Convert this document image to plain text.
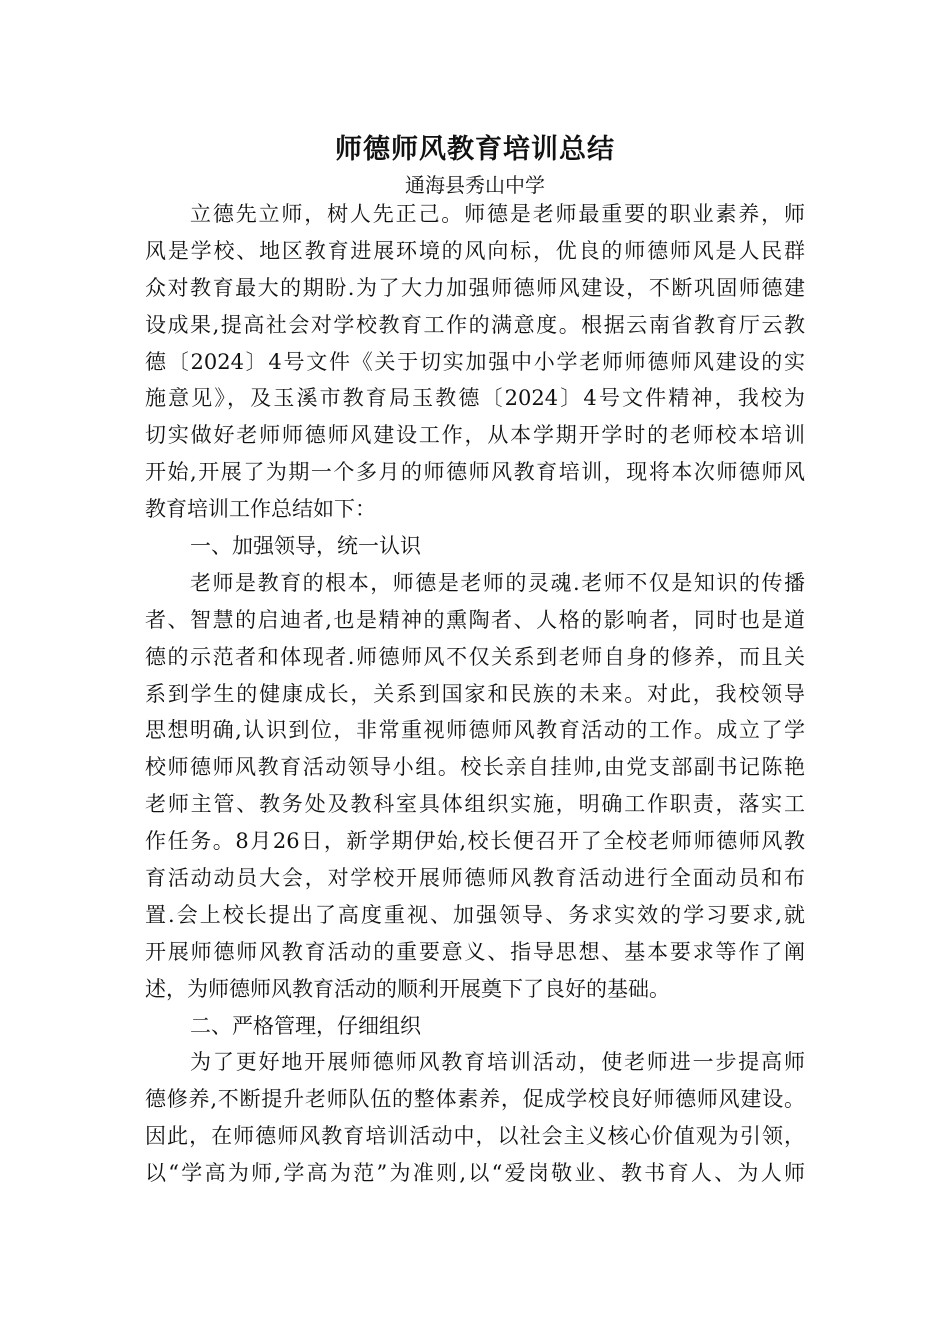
师德师风教育培训总结
通海县秀山中学
立德先立师，树人先正己。师德是老师最重要的职业素养，师
风是学校、地区教育进展环境的风向标，优良的师德师风是人民群
众对教育最大的期盼.为了大力加强师德师风建设，不断巩固师德建
设成果,提高社会对学校教育工作的满意度。根据云南省教育厅云教
德〔2024〕4号文件《关于切实加强中小学老师师德师风建设的实
施意见》，及玉溪市教育局玉教德〔2024〕4号文件精神，我校为
切实做好老师师德师风建设工作，从本学期开学时的老师校本培训
开始,开展了为期一个多月的师德师风教育培训，现将本次师德师风
教育培训工作总结如下：
一、加强领导，统一认识
老师是教育的根本，师德是老师的灵魂.老师不仅是知识的传播
者、智慧的启迪者,也是精神的熏陶者、人格的影响者，同时也是道
德的示范者和体现者.师德师风不仅关系到老师自身的修养，而且关
系到学生的健康成长，关系到国家和民族的未来。对此，我校领导
思想明确,认识到位，非常重视师德师风教育活动的工作。成立了学
校师德师风教育活动领导小组。校长亲自挂帅,由党支部副书记陈艳
老师主管、教务处及教科室具体组织实施，明确工作职责，落实工
作任务。8月26日，新学期伊始,校长便召开了全校老师师德师风教
育活动动员大会，对学校开展师德师风教育活动进行全面动员和布
置.会上校长提出了高度重视、加强领导、务求实效的学习要求,就
开展师德师风教育活动的重要意义、指导思想、基本要求等作了阐
述，为师德师风教育活动的顺利开展奠下了良好的基础。
二、严格管理，仔细组织
为了更好地开展师德师风教育培训活动，使老师进一步提高师
德修养,不断提升老师队伍的整体素养，促成学校良好师德师风建设。
因此，在师德师风教育培训活动中，以社会主义核心价值观为引领，
以“学高为师,学高为范”为准则,以“爱岗敬业、教书育人、为人师
